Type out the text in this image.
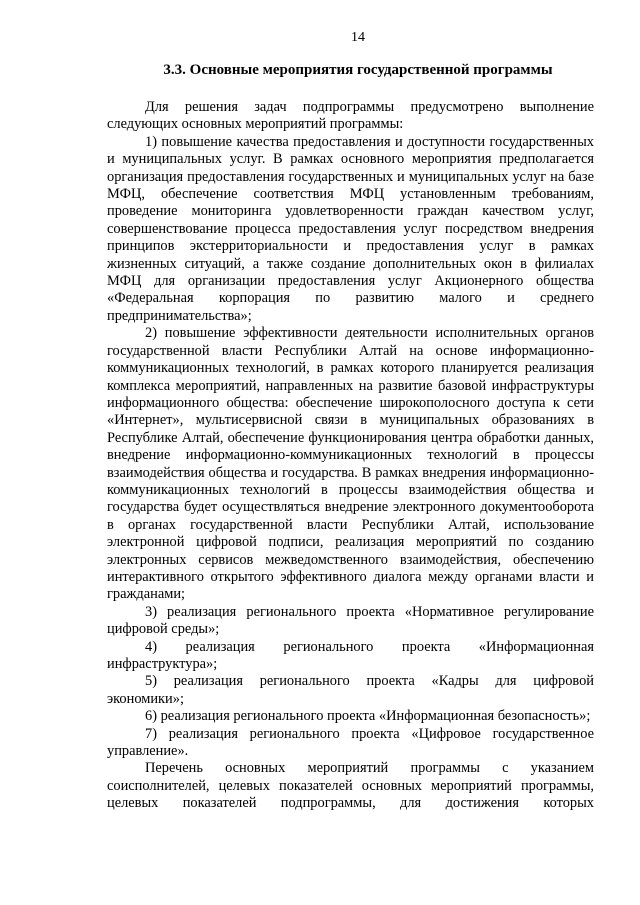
14
3.3. Основные мероприятия государственной программы

Для решения задач подпрограммы предусмотрено выполнение следующих основных мероприятий программы:

1) повышение качества предоставления и доступности государственных и муниципальных услуг. В рамках основного мероприятия предполагается организация предоставления государственных и муниципальных услуг на базе МФЦ, обеспечение соответствия МФЦ установленным требованиям, проведение мониторинга удовлетворенности граждан качеством услуг, совершенствование процесса предоставления услуг посредством внедрения принципов экстерриториальности и предоставления услуг в рамках жизненных ситуаций, а также создание дополнительных окон в филиалах МФЦ для организации предоставления услуг Акционерного общества «Федеральная корпорация по развитию малого и среднего предпринимательства»;

2) повышение эффективности деятельности исполнительных органов государственной власти Республики Алтай на основе информационно-коммуникационных технологий, в рамках которого планируется реализация комплекса мероприятий, направленных на развитие базовой инфраструктуры информационного общества: обеспечение широкополосного доступа к сети «Интернет», мультисервисной связи в муниципальных образованиях в Республике Алтай, обеспечение функционирования центра обработки данных, внедрение информационно-коммуникационных технологий в процессы взаимодействия общества и государства. В рамках внедрения информационно-коммуникационных технологий в процессы взаимодействия общества и государства будет осуществляться внедрение электронного документооборота в органах государственной власти Республики Алтай, использование электронной цифровой подписи, реализация мероприятий по созданию электронных сервисов межведомственного взаимодействия, обеспечению интерактивного открытого эффективного диалога между органами власти и гражданами;

3) реализация регионального проекта «Нормативное регулирование цифровой среды»;

4) реализация регионального проекта «Информационная инфраструктура»;

5) реализация регионального проекта «Кадры для цифровой экономики»;

6) реализация регионального проекта «Информационная безопасность»;

7) реализация регионального проекта «Цифровое государственное управление».

Перечень основных мероприятий программы с указанием соисполнителей, целевых показателей основных мероприятий программы, целевых показателей подпрограммы, для достижения которых
